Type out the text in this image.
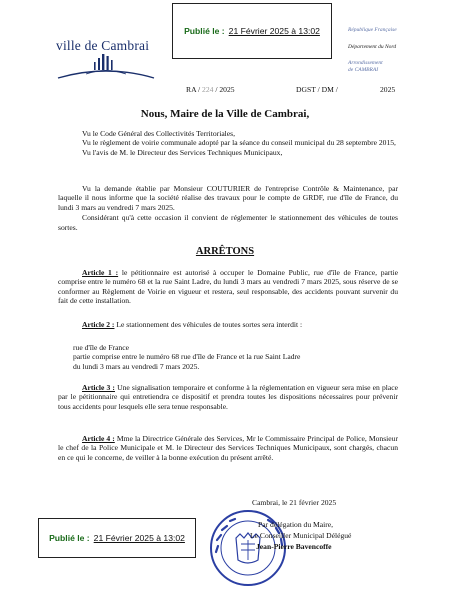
ville de Cambrai
Publié le : 21 Février 2025 à 13:02	République Française
Département du Nord
Arrondissement
de CAMBRAI
RA / 224 / 2025	DGST / DM /	2025
Nous, Maire de la Ville de Cambrai,
Vu le Code Général des Collectivités Territoriales,
Vu le règlement de voirie communale adopté par la séance du conseil municipal du 28 septembre 2015,
Vu l'avis de M. le Directeur des Services Techniques Municipaux,
Vu la demande établie par Monsieur COUTURIER de l'entreprise Contrôle & Maintenance, par laquelle il nous informe que la société réalise des travaux pour le compte de GRDF, rue d'île de France, du lundi 3 mars au vendredi 7 mars 2025.
Considérant qu'à cette occasion il convient de réglementer le stationnement des véhicules de toutes sortes.
ARRÊTONS
Article 1 : le pétitionnaire est autorisé à occuper le Domaine Public, rue d'île de France, partie comprise entre le numéro 68 et la rue Saint Ladre, du lundi 3 mars au vendredi 7 mars 2025, sous réserve de se conformer au Règlement de Voirie en vigueur et restera, seul responsable, des accidents pouvant survenir du fait de cette installation.
Article 2 : Le stationnement des véhicules de toutes sortes sera interdit :
rue d'île de France
partie comprise entre le numéro 68 rue d'île de France et la rue Saint Ladre
du lundi 3 mars au vendredi 7 mars 2025.
Article 3 : Une signalisation temporaire et conforme à la réglementation en vigueur sera mise en place par le pétitionnaire qui entretiendra ce dispositif et prendra toutes les dispositions nécessaires pour prévenir tous accidents pour lesquels elle sera tenue responsable.
Article 4 : Mme la Directrice Générale des Services, Mr le Commissaire Principal de Police, Monsieur le chef de la Police Municipale et M. le Directeur des Services Techniques Municipaux, sont chargés, chacun en ce qui le concerne, de veiller à la bonne exécution du présent arrêté.
Cambrai, le 21 février 2025
Par délégation du Maire,
Le Conseiller Municipal Délégué
Jean-Pierre Bavencoffe
Publié le : 21 Février 2025 à 13:02
